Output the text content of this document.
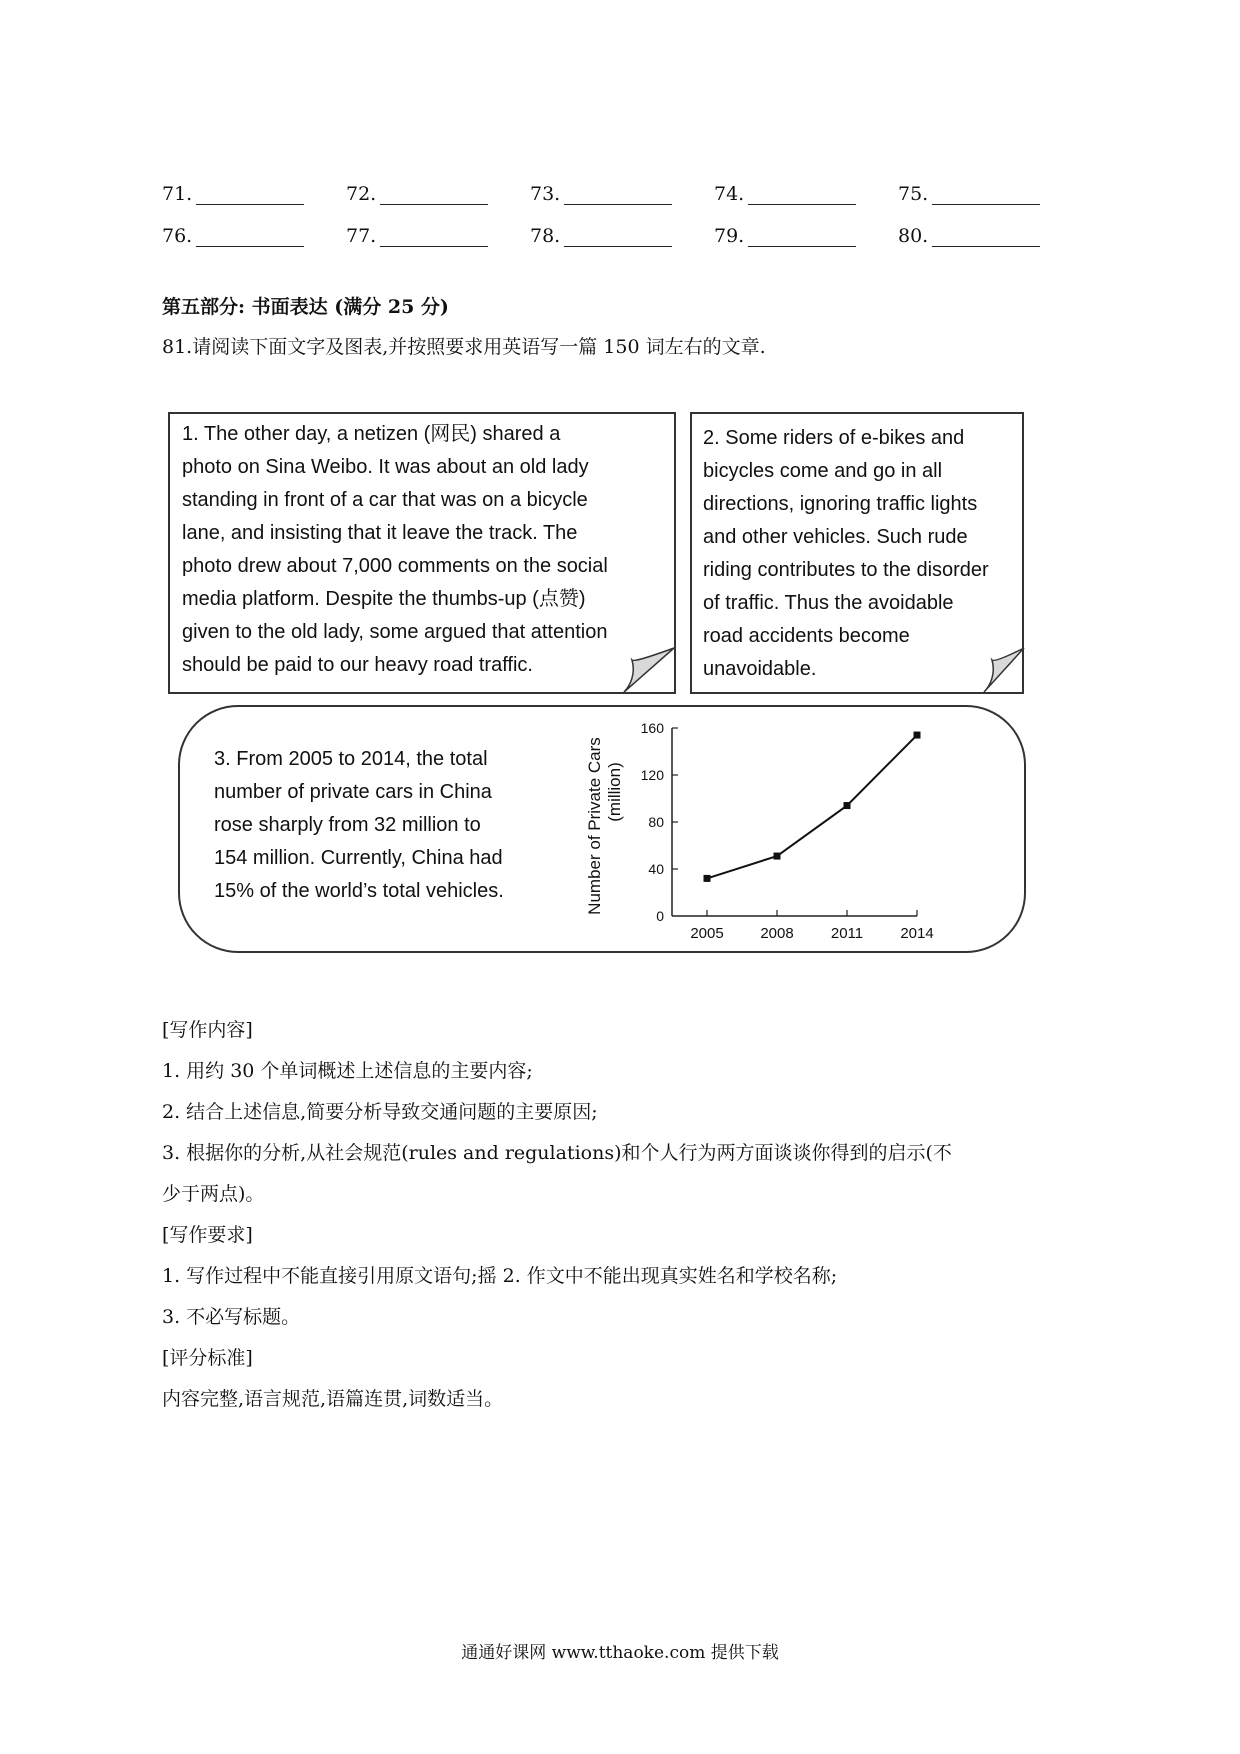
71.	72.	73.	74.	75.
76.	77.	78.	79.	80.
第五部分: 书面表达 (满分 25 分)
81.请阅读下面文字及图表,并按照要求用英语写一篇 150 词左右的文章.
1. The other day, a netizen (网民) shared a
photo on Sina Weibo. It was about an old lady
standing in front of a car that was on a bicycle
lane, and insisting that it leave the track. The
photo drew about 7,000 comments on the social
media platform. Despite the thumbs-up (点赞)
given to the old lady, some argued that attention
should be paid to our heavy road traffic.
2. Some riders of e-bikes and
bicycles come and go in all
directions, ignoring traffic lights
and other vehicles. Such rude
riding contributes to the disorder
of traffic. Thus the avoidable
road accidents become
unavoidable.
3. From 2005 to 2014, the total
number of private cars in China
rose sharply from 32 million to
154 million. Currently, China had
15% of the world’s total vehicles.
0
40
80
120
160
2005 2008 2011 2014
Number of Private Cars (million)

[写作内容]

1. 用约 30 个单词概述上述信息的主要内容;

2. 结合上述信息,简要分析导致交通问题的主要原因;

3. 根据你的分析,从社会规范(rules and regulations)和个人行为两方面谈谈你得到的启示(不

少于两点)。

[写作要求]

1. 写作过程中不能直接引用原文语句;摇 2. 作文中不能出现真实姓名和学校名称;

3. 不必写标题。

[评分标准]

内容完整,语言规范,语篇连贯,词数适当。

通通好课网 www.tthaoke.com 提供下载
